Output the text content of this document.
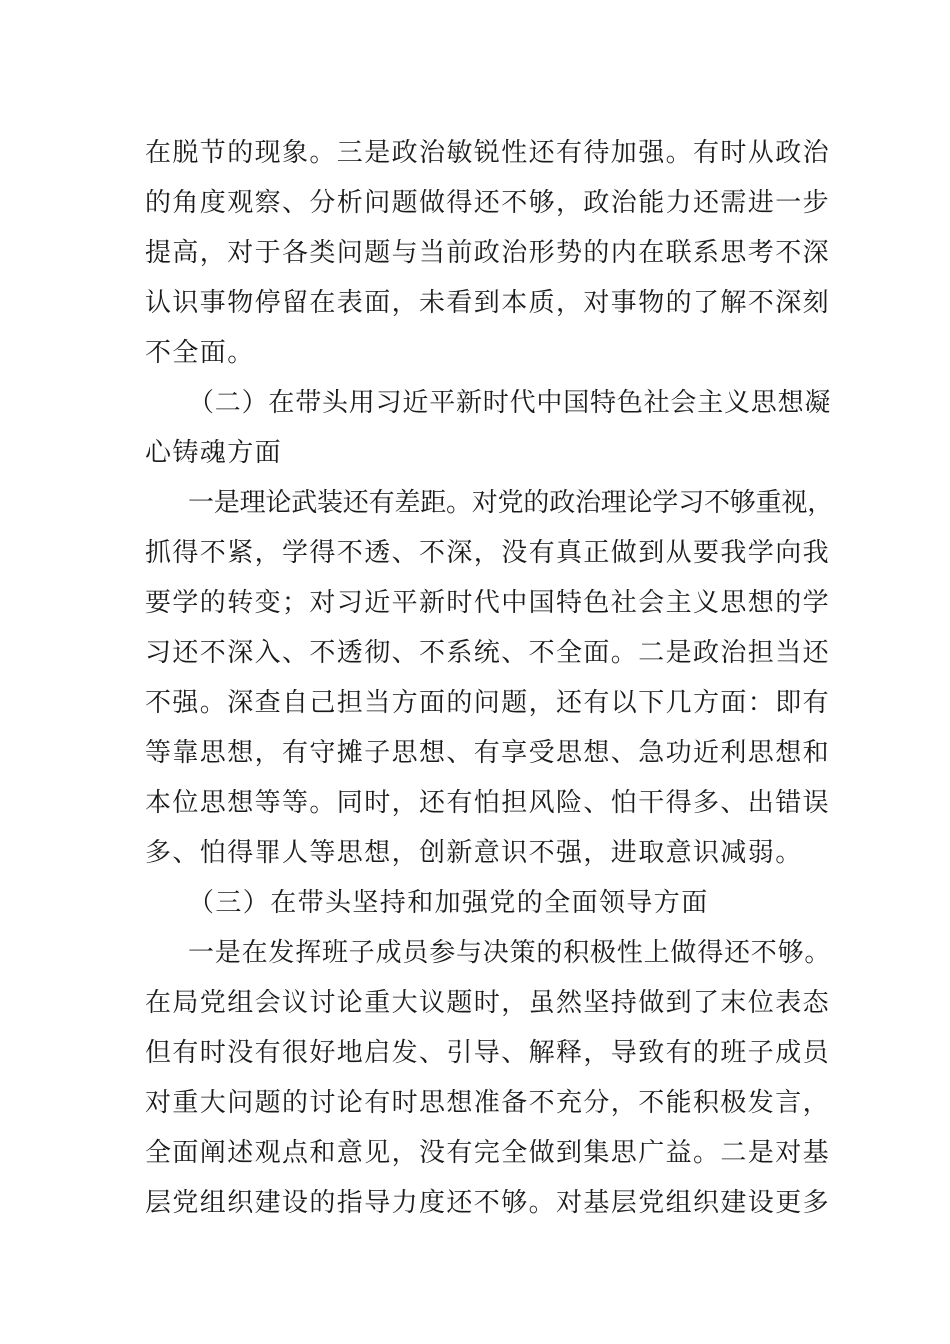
在脱节的现象。三是政治敏锐性还有待加强。有时从政治
的角度观察、分析问题做得还不够，政治能力还需进一步
提高，对于各类问题与当前政治形势的内在联系思考不深
认识事物停留在表面，未看到本质，对事物的了解不深刻
不全面。
（二）在带头用习近平新时代中国特色社会主义思想凝
心铸魂方面
一是理论武装还有差距。对党的政治理论学习不够重视，
抓得不紧，学得不透、不深，没有真正做到从要我学向我
要学的转变；对习近平新时代中国特色社会主义思想的学
习还不深入、不透彻、不系统、不全面。二是政治担当还
不强。深查自己担当方面的问题，还有以下几方面：即有
等靠思想，有守摊子思想、有享受思想、急功近利思想和
本位思想等等。同时，还有怕担风险、怕干得多、出错误
多、怕得罪人等思想，创新意识不强，进取意识减弱。
（三）在带头坚持和加强党的全面领导方面
一是在发挥班子成员参与决策的积极性上做得还不够。
在局党组会议讨论重大议题时，虽然坚持做到了末位表态
但有时没有很好地启发、引导、解释，导致有的班子成员
对重大问题的讨论有时思想准备不充分，不能积极发言，
全面阐述观点和意见，没有完全做到集思广益。二是对基
层党组织建设的指导力度还不够。对基层党组织建设更多
